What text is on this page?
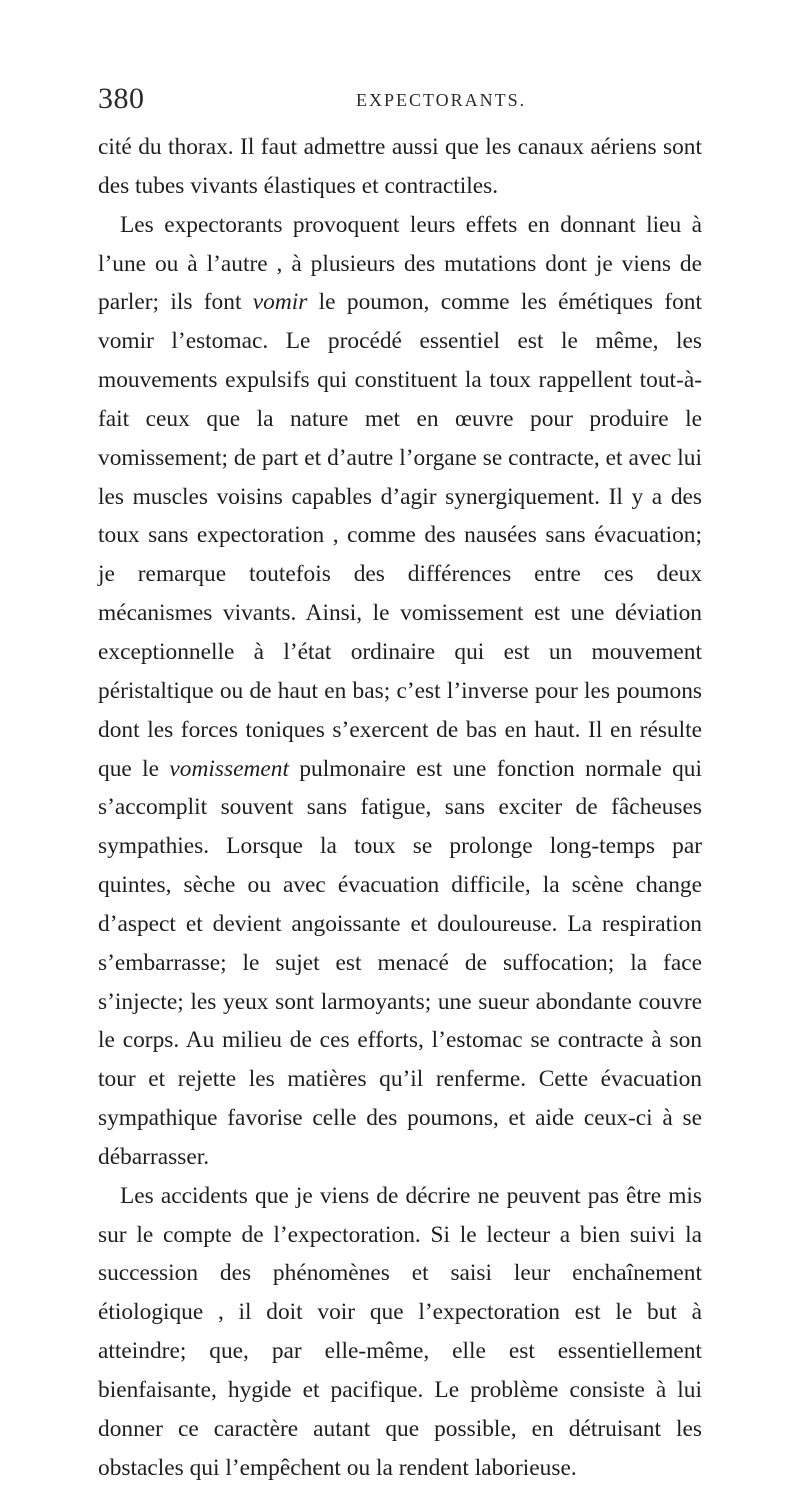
380	EXPECTORANTS.

cité du thorax. Il faut admettre aussi que les canaux aériens sont des tubes vivants élastiques et contractiles.

Les expectorants provoquent leurs effets en donnant lieu à l’une ou à l’autre , à plusieurs des mutations dont je viens de parler; ils font vomir le poumon, comme les émétiques font vomir l’estomac. Le procédé essentiel est le même, les mouvements expulsifs qui constituent la toux rappellent tout-à-fait ceux que la nature met en œuvre pour produire le vomissement; de part et d’autre l’organe se contracte, et avec lui les muscles voisins capables d’agir synergiquement. Il y a des toux sans expectoration , comme des nausées sans évacuation; je remarque toutefois des différences entre ces deux mécanismes vivants. Ainsi, le vomissement est une déviation exceptionnelle à l’état ordinaire qui est un mouvement péristaltique ou de haut en bas; c’est l’inverse pour les poumons dont les forces toniques s’exercent de bas en haut. Il en résulte que le vomissement pulmonaire est une fonction normale qui s’accomplit souvent sans fatigue, sans exciter de fâcheuses sympathies. Lorsque la toux se prolonge long-temps par quintes, sèche ou avec évacuation difficile, la scène change d’aspect et devient angoissante et douloureuse. La respiration s’embarrasse; le sujet est menacé de suffocation; la face s’injecte; les yeux sont larmoyants; une sueur abondante couvre le corps. Au milieu de ces efforts, l’estomac se contracte à son tour et rejette les matières qu’il renferme. Cette évacuation sympathique favorise celle des poumons, et aide ceux-ci à se débarrasser.

Les accidents que je viens de décrire ne peuvent pas être mis sur le compte de l’expectoration. Si le lecteur a bien suivi la succession des phénomènes et saisi leur enchaînement étiologique , il doit voir que l’expectoration est le but à atteindre; que, par elle-même, elle est essentiellement bienfaisante, hygide et pacifique. Le problème consiste à lui donner ce caractère autant que possible, en détruisant les obstacles qui l’empêchent ou la rendent laborieuse.
